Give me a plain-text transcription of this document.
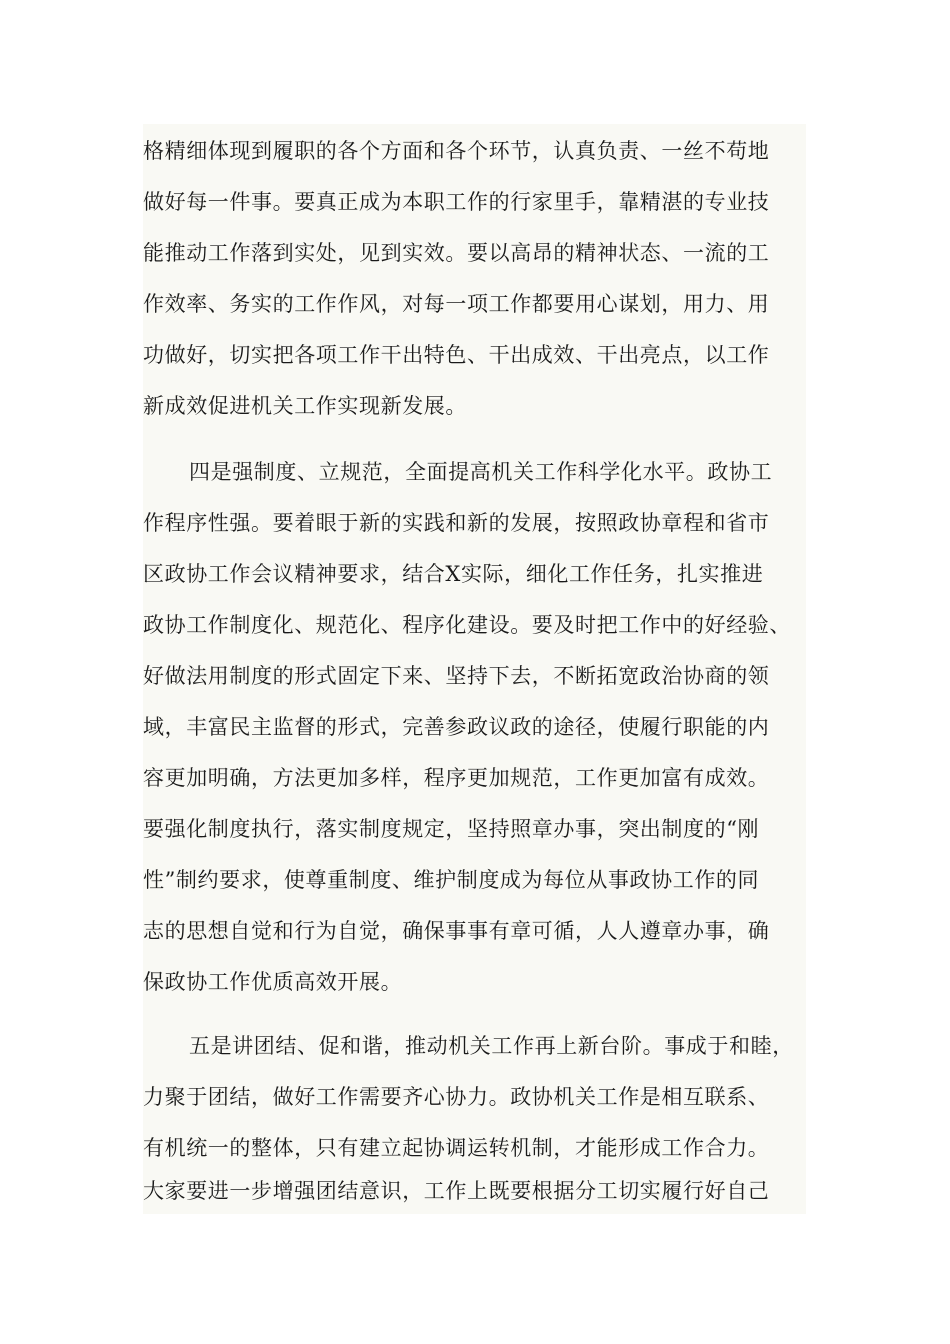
格精细体现到履职的各个方面和各个环节，认真负责、一丝不苟地
做好每一件事。要真正成为本职工作的行家里手，靠精湛的专业技
能推动工作落到实处，见到实效。要以高昂的精神状态、一流的工
作效率、务实的工作作风，对每一项工作都要用心谋划，用力、用
功做好，切实把各项工作干出特色、干出成效、干出亮点，以工作
新成效促进机关工作实现新发展。
四是强制度、立规范，全面提高机关工作科学化水平。政协工
作程序性强。要着眼于新的实践和新的发展，按照政协章程和省市
区政协工作会议精神要求，结合X实际，细化工作任务，扎实推进
政协工作制度化、规范化、程序化建设。要及时把工作中的好经验、
好做法用制度的形式固定下来、坚持下去，不断拓宽政治协商的领
域，丰富民主监督的形式，完善参政议政的途径，使履行职能的内
容更加明确，方法更加多样，程序更加规范，工作更加富有成效。
要强化制度执行，落实制度规定，坚持照章办事，突出制度的“刚
性”制约要求，使尊重制度、维护制度成为每位从事政协工作的同
志的思想自觉和行为自觉，确保事事有章可循，人人遵章办事，确
保政协工作优质高效开展。
五是讲团结、促和谐，推动机关工作再上新台阶。事成于和睦，
力聚于团结，做好工作需要齐心协力。政协机关工作是相互联系、
有机统一的整体，只有建立起协调运转机制，才能形成工作合力。
大家要进一步增强团结意识，工作上既要根据分工切实履行好自己
